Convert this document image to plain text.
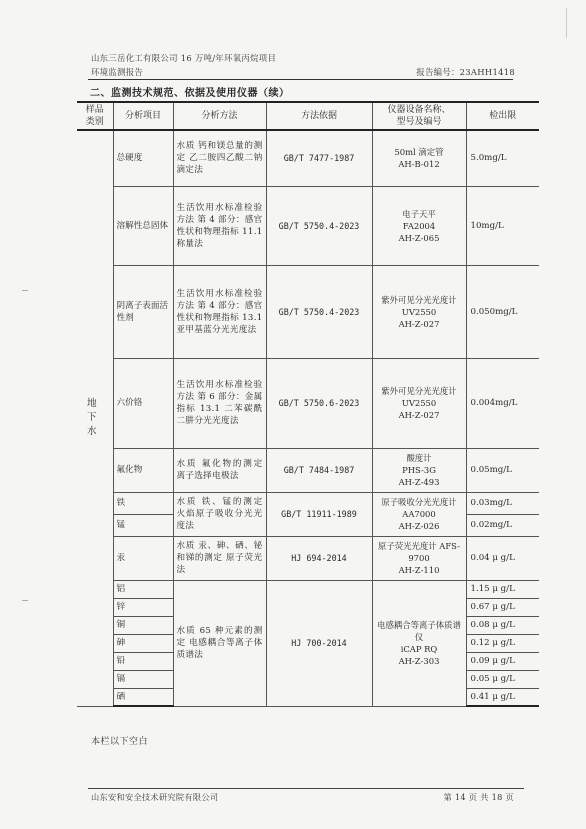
山东三岳化工有限公司 16 万吨/年环氧丙烷项目
环境监测报告	报告编号：23AHH1418
二、监测技术规范、依据及使用仪器（续）
样品
类别	分析项目	分析方法	方法依据	仪器设备名称、
型号及编号	检出限
地 下
水	总硬度	水质 钙和镁总量的测定 乙二胺四乙酸二钠滴定法	GB/T 7477-1987	50ml 滴定管
AH-B-012	5.0mg/L
	溶解性总固体	生活饮用水标准检验方法 第 4 部分：感官性状和物理指标 11.1 称量法	GB/T 5750.4-2023	电子天平
FA2004
AH-Z-065	10mg/L
	阴离子表面活性剂	生活饮用水标准检验方法 第 4 部分：感官性状和物理指标 13.1 亚甲基蓝分光光度法	GB/T 5750.4-2023	紫外可见分光光度计 UV2550
AH-Z-027	0.050mg/L
	六价铬	生活饮用水标准检验方法 第 6 部分：金属指标 13.1 二苯碳酰二肼分光光度法	GB/T 5750.6-2023	紫外可见分光光度计 UV2550
AH-Z-027	0.004mg/L
	氟化物	水质 氟化物的测定 离子选择电极法	GB/T 7484-1987	酸度计
PHS-3G
AH-Z-493	0.05mg/L
	铁	水质 铁、锰的测定 火焰原子吸收分光光度法	GB/T 11911-1989	原子吸收分光光度计 AA7000
AH-Z-026	0.03mg/L
	锰				0.02mg/L
	汞	水质 汞、砷、硒、铋和锑的测定 原子荧光法	HJ 694-2014	原子荧光光度计 AFS-9700
AH-Z-110	0.04 μ g/L
	铝	水质 65 种元素的测定 电感耦合等离子体质谱法	HJ 700-2014	电感耦合等离子体质谱仪
iCAP RQ
AH-Z-303	1.15 μ g/L
	锌				0.67 μ g/L
	铜				0.08 μ g/L
	砷				0.12 μ g/L
	铅				0.09 μ g/L
	镉				0.05 μ g/L
	硒				0.41 μ g/L
本栏以下空白
山东安和安全技术研究院有限公司	第 14 页 共 18 页
